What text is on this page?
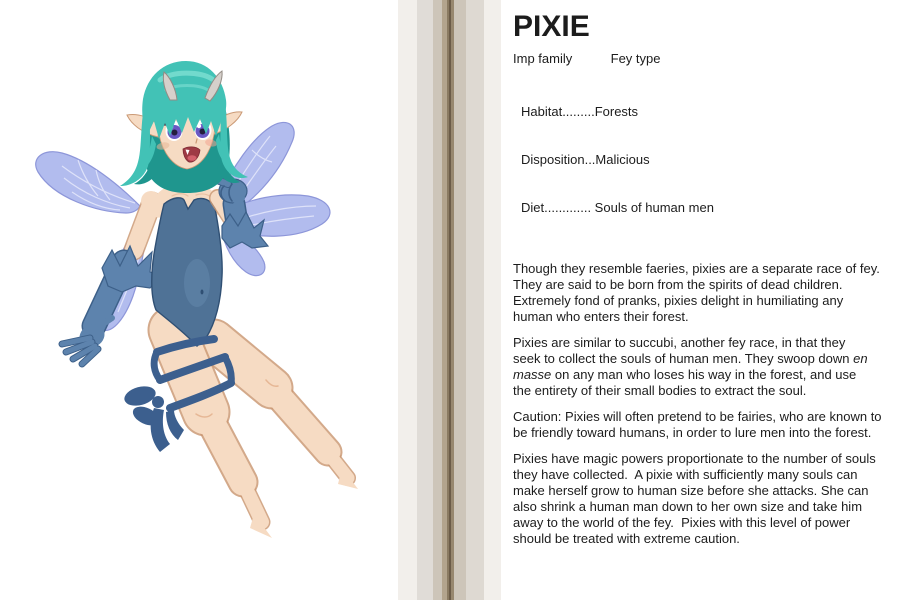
PIXIE
Imp family	Fey type

Habitat.........Forests

Disposition...Malicious

Diet............. Souls of human men

Though they resemble faeries, pixies are a separate race of fey.
They are said to be born from the spirits of dead children.
Extremely fond of pranks, pixies delight in humiliating any
human who enters their forest.

Pixies are similar to succubi, another fey race, in that they
seek to collect the souls of human men. They swoop down en
masse on any man who loses his way in the forest, and use
the entirety of their small bodies to extract the soul.

Caution: Pixies will often pretend to be fairies, who are known to
be friendly toward humans, in order to lure men into the forest.

Pixies have magic powers proportionate to the number of souls
they have collected.  A pixie with sufficiently many souls can
make herself grow to human size before she attacks. She can
also shrink a human man down to her own size and take him
away to the world of the fey.  Pixies with this level of power
should be treated with extreme caution.
